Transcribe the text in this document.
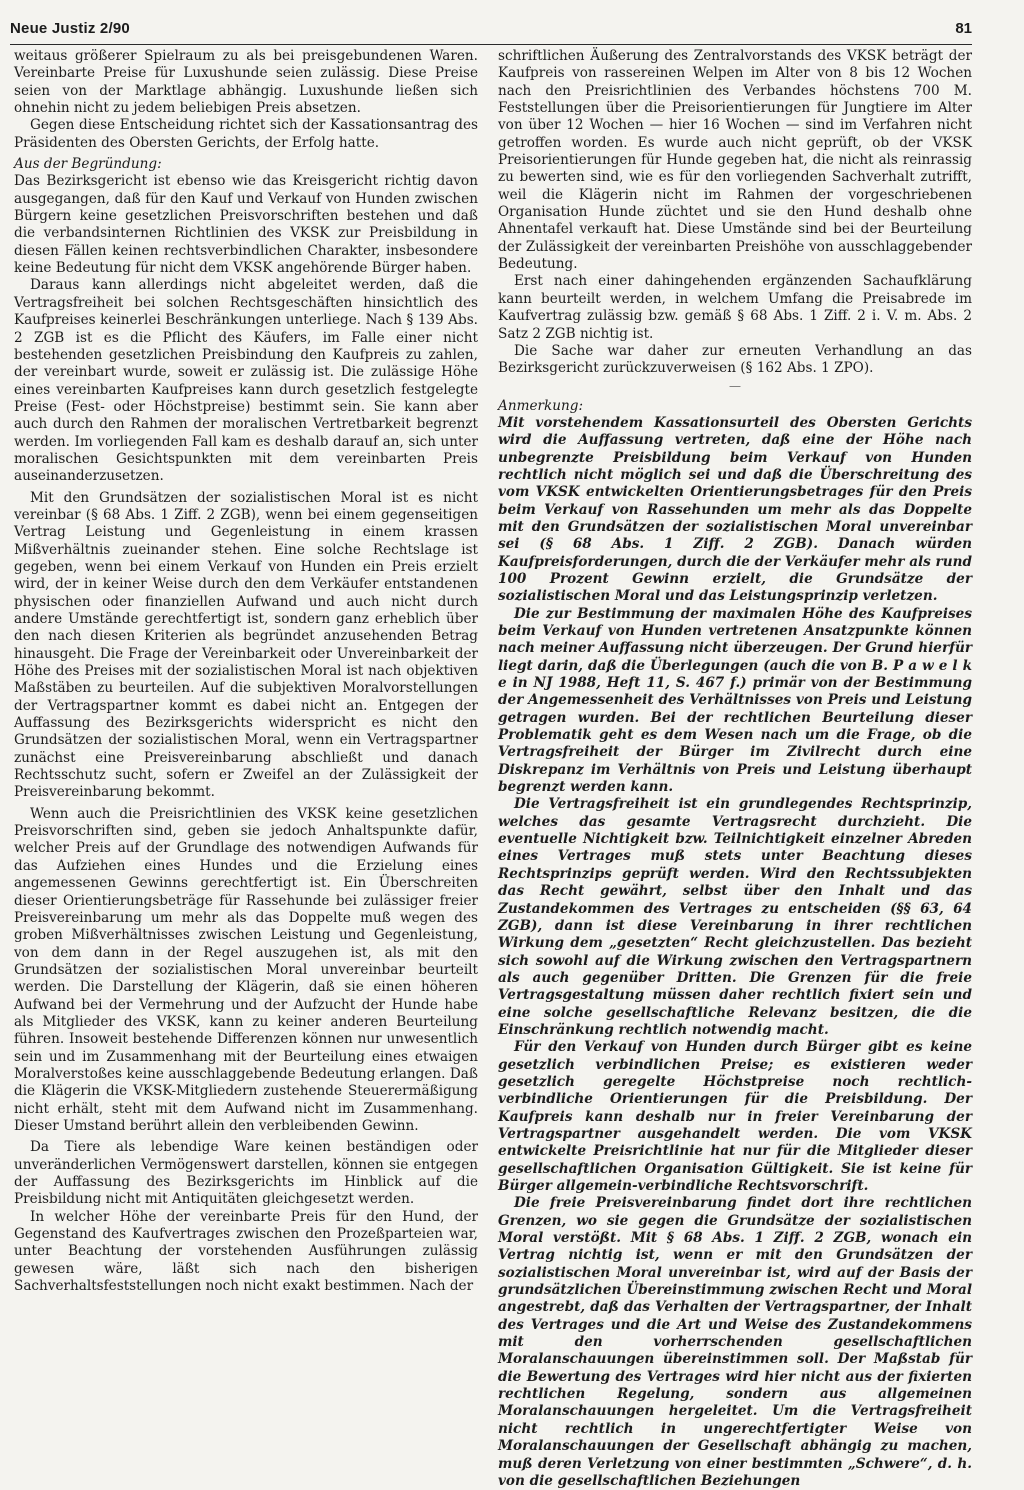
Neue Justiz 2/90	81

weitaus größerer Spielraum zu als bei preisgebundenen Waren. Vereinbarte Preise für Luxushunde seien zulässig. Diese Preise seien von der Marktlage abhängig. Luxushunde ließen sich ohnehin nicht zu jedem beliebigen Preis absetzen.

Gegen diese Entscheidung richtet sich der Kassationsantrag des Präsidenten des Obersten Gerichts, der Erfolg hatte.

Aus der Begründung:

Das Bezirksgericht ist ebenso wie das Kreisgericht richtig davon ausgegangen, daß für den Kauf und Verkauf von Hunden zwischen Bürgern keine gesetzlichen Preisvorschriften bestehen und daß die verbandsinternen Richtlinien des VKSK zur Preisbildung in diesen Fällen keinen rechtsverbindlichen Charakter, insbesondere keine Bedeutung für nicht dem VKSK angehörende Bürger haben.

Daraus kann allerdings nicht abgeleitet werden, daß die Vertragsfreiheit bei solchen Rechtsgeschäften hinsichtlich des Kaufpreises keinerlei Beschränkungen unterliege. Nach § 139 Abs. 2 ZGB ist es die Pflicht des Käufers, im Falle einer nicht bestehenden gesetzlichen Preisbindung den Kaufpreis zu zahlen, der vereinbart wurde, soweit er zulässig ist. Die zulässige Höhe eines vereinbarten Kaufpreises kann durch gesetzlich festgelegte Preise (Fest- oder Höchstpreise) bestimmt sein. Sie kann aber auch durch den Rahmen der moralischen Vertretbarkeit begrenzt werden. Im vorliegenden Fall kam es deshalb darauf an, sich unter moralischen Gesichtspunkten mit dem vereinbarten Preis auseinanderzusetzen.

Mit den Grundsätzen der sozialistischen Moral ist es nicht vereinbar (§ 68 Abs. 1 Ziff. 2 ZGB), wenn bei einem gegenseitigen Vertrag Leistung und Gegenleistung in einem krassen Mißverhältnis zueinander stehen. Eine solche Rechtslage ist gegeben, wenn bei einem Verkauf von Hunden ein Preis erzielt wird, der in keiner Weise durch den dem Verkäufer entstandenen physischen oder finanziellen Aufwand und auch nicht durch andere Umstände gerechtfertigt ist, sondern ganz erheblich über den nach diesen Kriterien als begründet anzusehenden Betrag hinausgeht. Die Frage der Vereinbarkeit oder Unvereinbarkeit der Höhe des Preises mit der sozialistischen Moral ist nach objektiven Maßstäben zu beurteilen. Auf die subjektiven Moralvorstellungen der Vertragspartner kommt es dabei nicht an. Entgegen der Auffassung des Bezirksgerichts widerspricht es nicht den Grundsätzen der sozialistischen Moral, wenn ein Vertragspartner zunächst eine Preisvereinbarung abschließt und danach Rechtsschutz sucht, sofern er Zweifel an der Zulässigkeit der Preisvereinbarung bekommt.

Wenn auch die Preisrichtlinien des VKSK keine gesetzlichen Preisvorschriften sind, geben sie jedoch Anhaltspunkte dafür, welcher Preis auf der Grundlage des notwendigen Aufwands für das Aufziehen eines Hundes und die Erzielung eines angemessenen Gewinns gerechtfertigt ist. Ein Überschreiten dieser Orientierungsbeträge für Rassehunde bei zulässiger freier Preisvereinbarung um mehr als das Doppelte muß wegen des groben Mißverhältnisses zwischen Leistung und Gegenleistung, von dem dann in der Regel auszugehen ist, als mit den Grundsätzen der sozialistischen Moral unvereinbar beurteilt werden. Die Darstellung der Klägerin, daß sie einen höheren Aufwand bei der Vermehrung und der Aufzucht der Hunde habe als Mitglieder des VKSK, kann zu keiner anderen Beurteilung führen. Insoweit bestehende Differenzen können nur unwesentlich sein und im Zusammenhang mit der Beurteilung eines etwaigen Moralverstoßes keine ausschlaggebende Bedeutung erlangen. Daß die Klägerin die VKSK-Mitgliedern zustehende Steuerermäßigung nicht erhält, steht mit dem Aufwand nicht im Zusammenhang. Dieser Umstand berührt allein den verbleibenden Gewinn.

Da Tiere als lebendige Ware keinen beständigen oder unveränderlichen Vermögenswert darstellen, können sie entgegen der Auffassung des Bezirksgerichts im Hinblick auf die Preisbildung nicht mit Antiquitäten gleichgesetzt werden.

In welcher Höhe der vereinbarte Preis für den Hund, der Gegenstand des Kaufvertrages zwischen den Prozeßparteien war, unter Beachtung der vorstehenden Ausführungen zulässig gewesen wäre, läßt sich nach den bisherigen Sachverhaltsfeststellungen noch nicht exakt bestimmen. Nach der

schriftlichen Äußerung des Zentralvorstands des VKSK beträgt der Kaufpreis von rassereinen Welpen im Alter von 8 bis 12 Wochen nach den Preisrichtlinien des Verbandes höchstens 700 M. Feststellungen über die Preisorientierungen für Jungtiere im Alter von über 12 Wochen — hier 16 Wochen — sind im Verfahren nicht getroffen worden. Es wurde auch nicht geprüft, ob der VKSK Preisorientierungen für Hunde gegeben hat, die nicht als reinrassig zu bewerten sind, wie es für den vorliegenden Sachverhalt zutrifft, weil die Klägerin nicht im Rahmen der vorgeschriebenen Organisation Hunde züchtet und sie den Hund deshalb ohne Ahnentafel verkauft hat. Diese Umstände sind bei der Beurteilung der Zulässigkeit der vereinbarten Preishöhe von ausschlaggebender Bedeutung.

Erst nach einer dahingehenden ergänzenden Sachaufklärung kann beurteilt werden, in welchem Umfang die Preisabrede im Kaufvertrag zulässig bzw. gemäß § 68 Abs. 1 Ziff. 2 i. V. m. Abs. 2 Satz 2 ZGB nichtig ist.

Die Sache war daher zur erneuten Verhandlung an das Bezirksgericht zurückzuverweisen (§ 162 Abs. 1 ZPO).

—

Anmerkung:

Mit vorstehendem Kassationsurteil des Obersten Gerichts wird die Auffassung vertreten, daß eine der Höhe nach unbegrenzte Preisbildung beim Verkauf von Hunden rechtlich nicht möglich sei und daß die Überschreitung des vom VKSK entwickelten Orientierungsbetrages für den Preis beim Verkauf von Rassehunden um mehr als das Doppelte mit den Grundsätzen der sozialistischen Moral unvereinbar sei (§ 68 Abs. 1 Ziff. 2 ZGB). Danach würden Kaufpreisforderungen, durch die der Verkäufer mehr als rund 100 Prozent Gewinn erzielt, die Grundsätze der sozialistischen Moral und das Leistungsprinzip verletzen.

Die zur Bestimmung der maximalen Höhe des Kaufpreises beim Verkauf von Hunden vertretenen Ansatzpunkte können nach meiner Auffassung nicht überzeugen. Der Grund hierfür liegt darin, daß die Überlegungen (auch die von B. P a w e l k e in NJ 1988, Heft 11, S. 467 f.) primär von der Bestimmung der Angemessenheit des Verhältnisses von Preis und Leistung getragen wurden. Bei der rechtlichen Beurteilung dieser Problematik geht es dem Wesen nach um die Frage, ob die Vertragsfreiheit der Bürger im Zivilrecht durch eine Diskrepanz im Verhältnis von Preis und Leistung überhaupt begrenzt werden kann.

Die Vertragsfreiheit ist ein grundlegendes Rechtsprinzip, welches das gesamte Vertragsrecht durchzieht. Die eventuelle Nichtigkeit bzw. Teilnichtigkeit einzelner Abreden eines Vertrages muß stets unter Beachtung dieses Rechtsprinzips geprüft werden. Wird den Rechtssubjekten das Recht gewährt, selbst über den Inhalt und das Zustandekommen des Vertrages zu entscheiden (§§ 63, 64 ZGB), dann ist diese Vereinbarung in ihrer rechtlichen Wirkung dem „gesetzten“ Recht gleichzustellen. Das bezieht sich sowohl auf die Wirkung zwischen den Vertragspartnern als auch gegenüber Dritten. Die Grenzen für die freie Vertragsgestaltung müssen daher rechtlich fixiert sein und eine solche gesellschaftliche Relevanz besitzen, die die Einschränkung rechtlich notwendig macht.

Für den Verkauf von Hunden durch Bürger gibt es keine gesetzlich verbindlichen Preise; es existieren weder gesetzlich geregelte Höchstpreise noch rechtlich-verbindliche Orientierungen für die Preisbildung. Der Kaufpreis kann deshalb nur in freier Vereinbarung der Vertragspartner ausgehandelt werden. Die vom VKSK entwickelte Preisrichtlinie hat nur für die Mitglieder dieser gesellschaftlichen Organisation Gültigkeit. Sie ist keine für Bürger allgemein-verbindliche Rechtsvorschrift.

Die freie Preisvereinbarung findet dort ihre rechtlichen Grenzen, wo sie gegen die Grundsätze der sozialistischen Moral verstößt. Mit § 68 Abs. 1 Ziff. 2 ZGB, wonach ein Vertrag nichtig ist, wenn er mit den Grundsätzen der sozialistischen Moral unvereinbar ist, wird auf der Basis der grundsätzlichen Übereinstimmung zwischen Recht und Moral angestrebt, daß das Verhalten der Vertragspartner, der Inhalt des Vertrages und die Art und Weise des Zustandekommens mit den vorherrschenden gesellschaftlichen Moralanschauungen übereinstimmen soll. Der Maßstab für die Bewertung des Vertrages wird hier nicht aus der fixierten rechtlichen Regelung, sondern aus allgemeinen Moralanschauungen hergeleitet. Um die Vertragsfreiheit nicht rechtlich in ungerechtfertigter Weise von Moralanschauungen der Gesellschaft abhängig zu machen, muß deren Verletzung von einer bestimmten „Schwere“, d. h. von die gesellschaftlichen Beziehungen
